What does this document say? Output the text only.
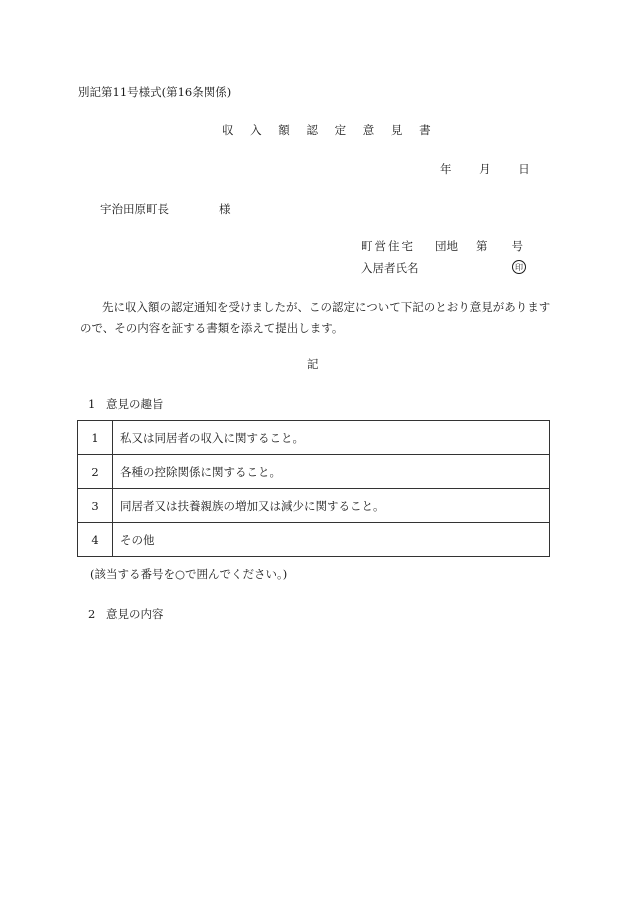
別記第11号様式(第16条関係)
収 入 額 認 定 意 見 書
年 月 日
宇治田原町長	様
町営住宅 団地 第 号
入居者氏名	印
先に収入額の認定通知を受けましたが、この認定について下記のとおり意見がありますので、その内容を証する書類を添えて提出します。
記
1 意見の趣旨
1	私又は同居者の収入に関すること。
2	各種の控除関係に関すること。
3	同居者又は扶養親族の増加又は減少に関すること。
4	その他
(該当する番号を○で囲んでください。)
2 意見の内容
